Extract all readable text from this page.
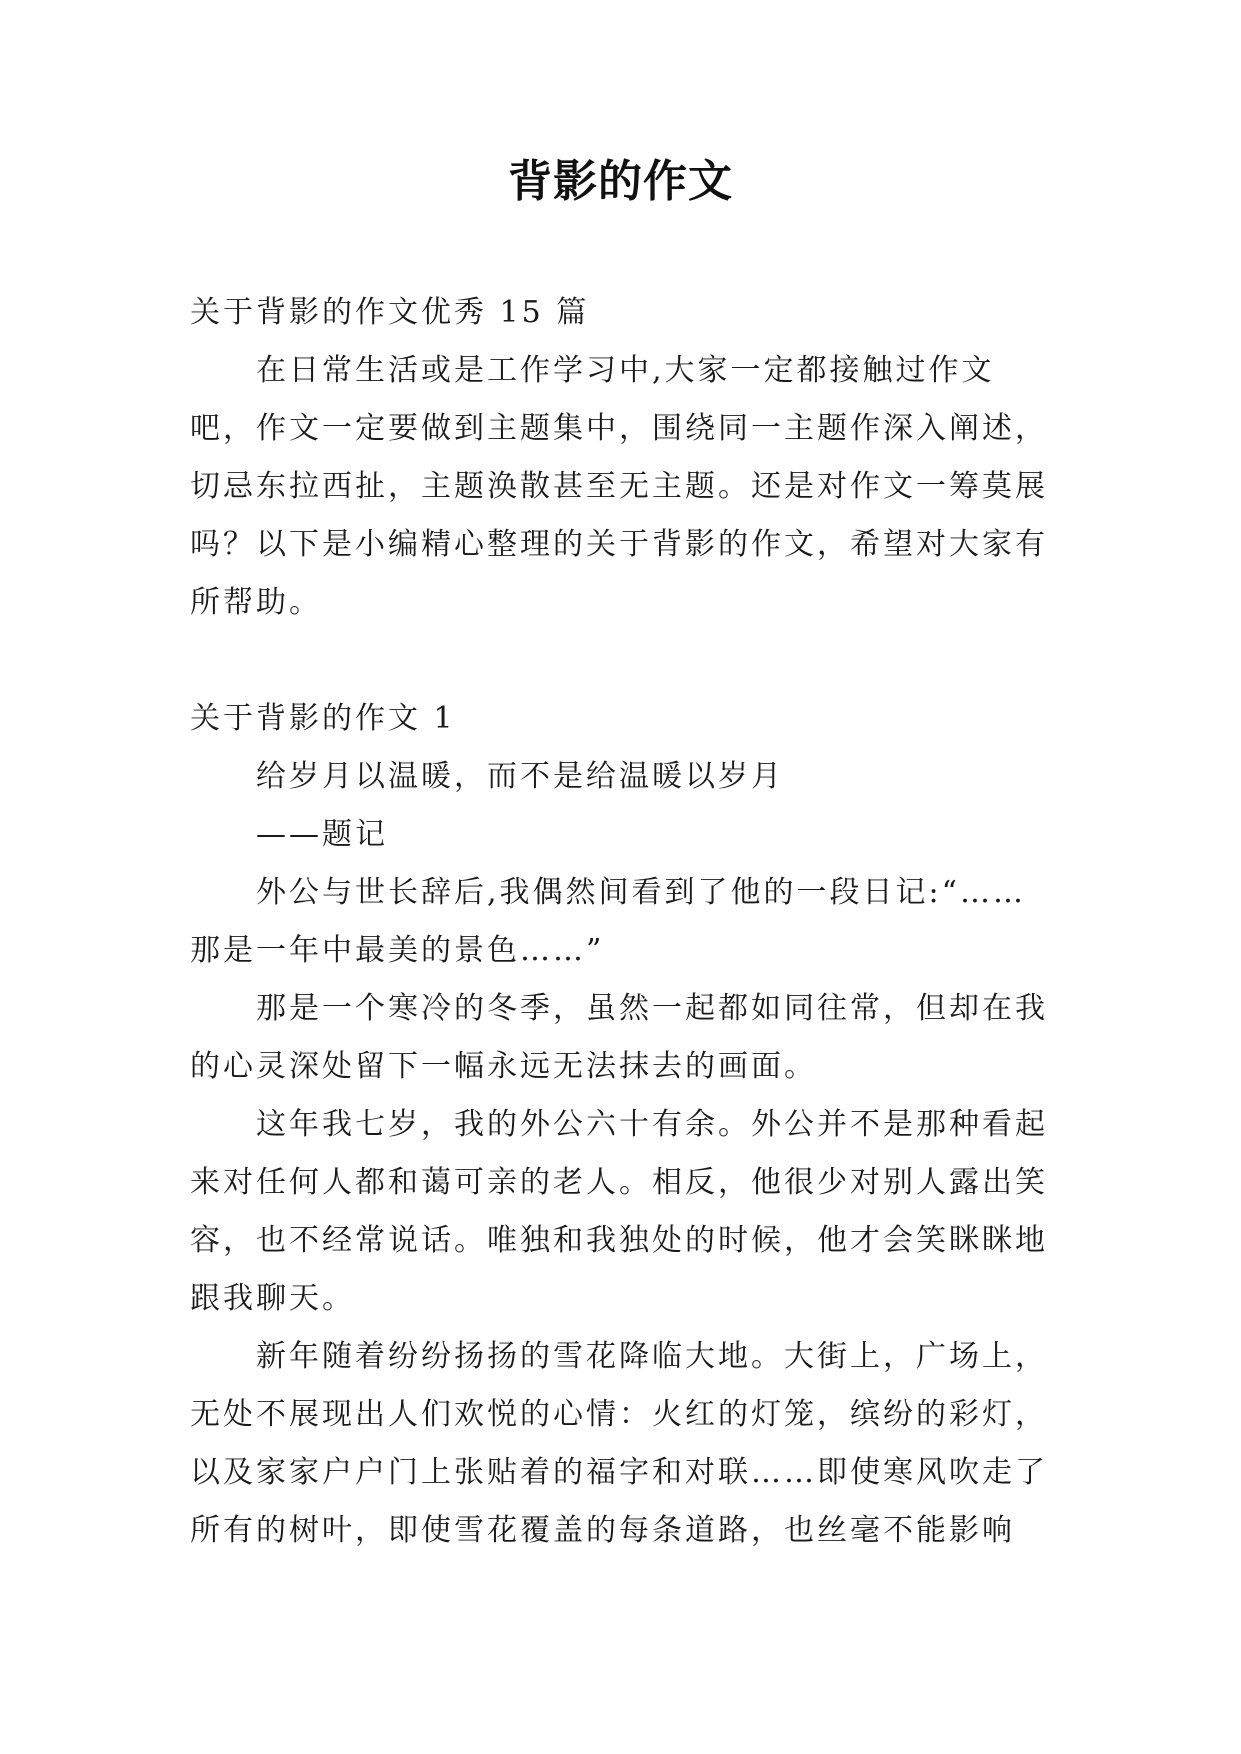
背影的作文

关于背影的作文优秀 15 篇

在日常生活或是工作学习中,大家一定都接触过作文吧，作文一定要做到主题集中，围绕同一主题作深入阐述，切忌东拉西扯，主题涣散甚至无主题。还是对作文一筹莫展吗？以下是小编精心整理的关于背影的作文，希望对大家有所帮助。

关于背影的作文 1

给岁月以温暖，而不是给温暖以岁月

——题记

外公与世长辞后,我偶然间看到了他的一段日记:“……那是一年中最美的景色……”

那是一个寒冷的冬季，虽然一起都如同往常，但却在我的心灵深处留下一幅永远无法抹去的画面。

这年我七岁，我的外公六十有余。外公并不是那种看起来对任何人都和蔼可亲的老人。相反，他很少对别人露出笑容，也不经常说话。唯独和我独处的时候，他才会笑眯眯地跟我聊天。

新年随着纷纷扬扬的雪花降临大地。大街上，广场上，无处不展现出人们欢悦的心情：火红的灯笼，缤纷的彩灯，以及家家户户门上张贴着的福字和对联……即使寒风吹走了所有的树叶，即使雪花覆盖的每条道路，也丝毫不能影响
